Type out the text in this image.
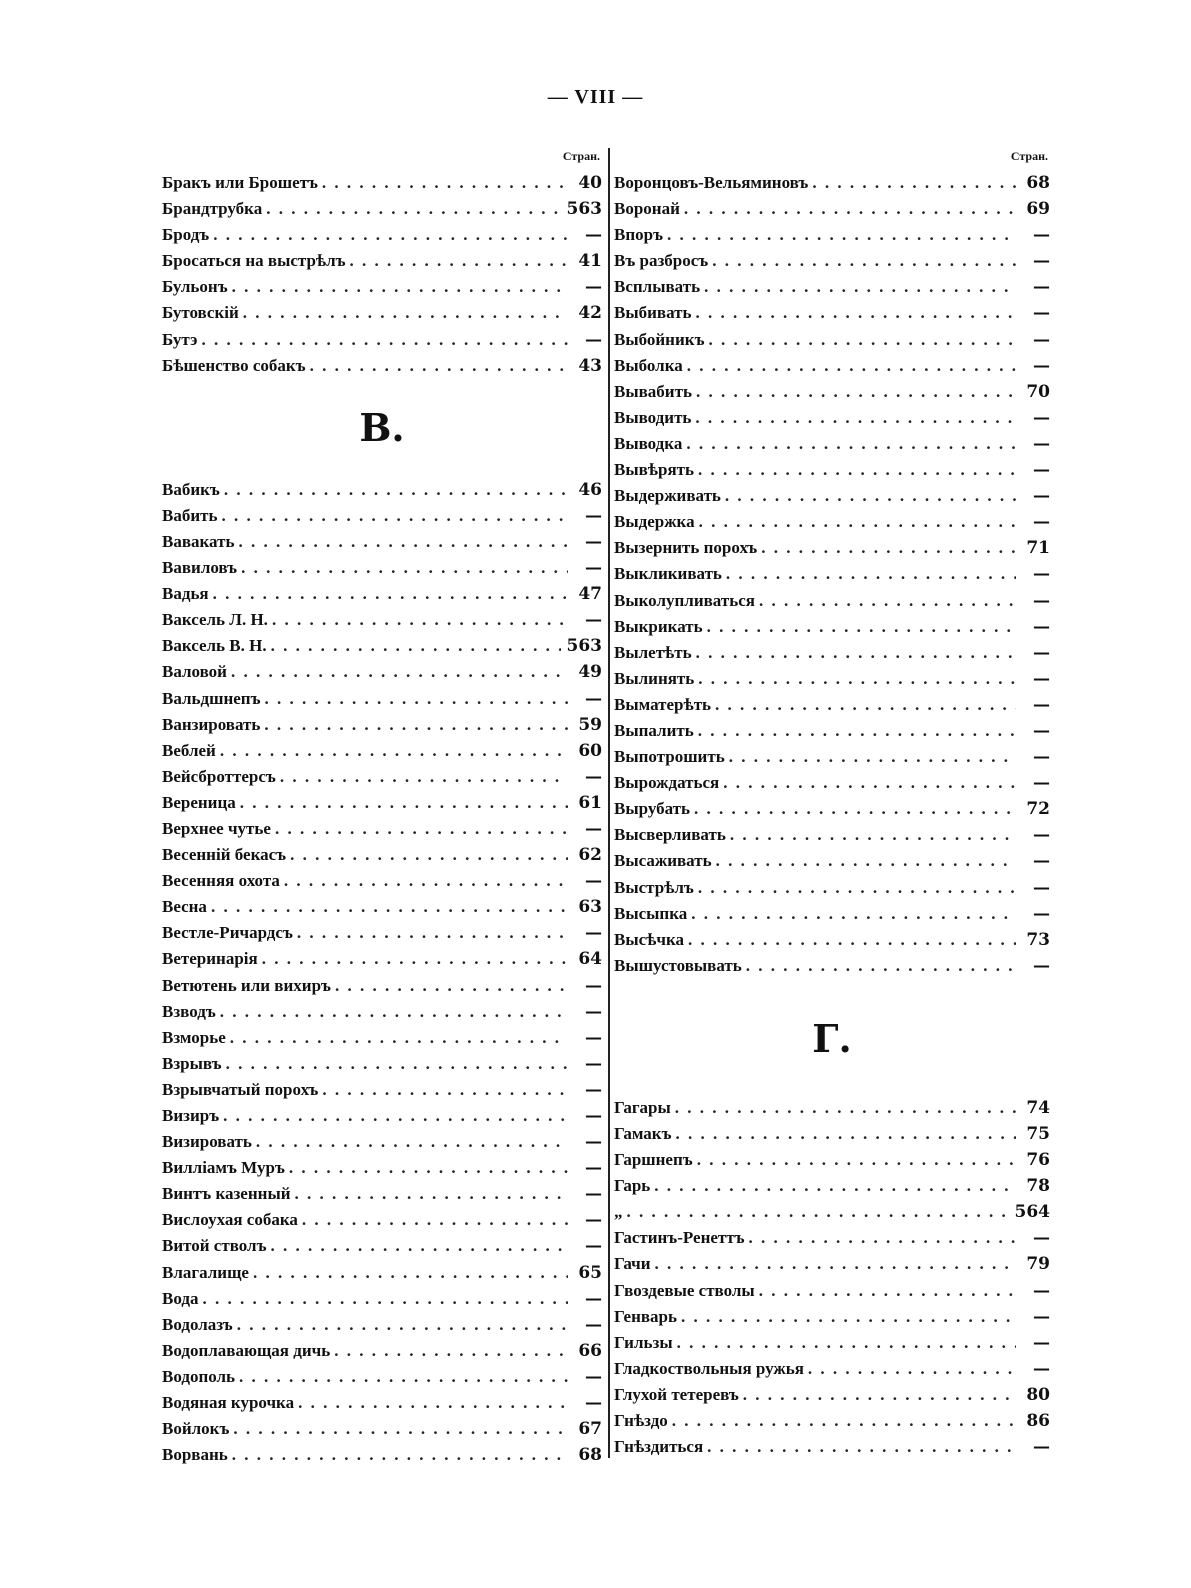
— VIII —
Стран.
Бракъ или Брошетъ . . .	40
Брандтрубка . . .	563
Бродъ . . .	—
Бросаться на выстрѣлъ . . .	41
Бульонъ . . .	—
Бутовскій . . .	42
Бутэ . . .	—
Бѣшенство собакъ . . .	43
В.
Вабикъ . . .	46
Вабить . . .	—
Вавакать . . .	—
Вавиловъ . . .	—
Вадья . . .	47
Ваксель Л. Н. . . .	—
Ваксель В. Н. . . .	563
Валовой . . .	49
Вальдшнепъ . . .	—
Ванзировать . . .	59
Веблей . . .	60
Вейсброттерсъ . . .	—
Вереница . . .	61
Верхнее чутье . . .	—
Весенній бекасъ . . .	62
Весенняя охота . . .	—
Весна . . .	63
Вестле-Ричардсъ . . .	—
Ветеринарія . . .	64
Ветютень или вихиръ . . .	—
Взводъ . . .	—
Взморье . . .	—
Взрывъ . . .	—
Взрывчатый порохъ . . .	—
Визиръ . . .	—
Визировать . . .	—
Вилліамъ Муръ . . .	—
Винтъ казенный . . .	—
Вислоухая собака . . .	—
Витой стволъ . . .	—
Влагалище . . .	65
Вода . . .	—
Водолазъ . . .	—
Водоплавающая дичь . . .	66
Водополь . . .	—
Водяная курочка . . .	—
Войлокъ . . .	67
Ворвань . . .	68
Стран.
Воронцовъ-Вельяминовъ . . .	68
Воронай . . .	69
Впоръ . . .	—
Въ разбросъ . . .	—
Всплывать . . .	—
Выбивать . . .	—
Выбойникъ . . .	—
Выболка . . .	—
Вывабить . . .	70
Выводить . . .	—
Выводка . . .	—
Вывѣрять . . .	—
Выдерживать . . .	—
Выдержка . . .	—
Вызернить порохъ . . .	71
Выкликивать . . .	—
Выколупливаться . . .	—
Выкрикать . . .	—
Вылетѣть . . .	—
Вылинять . . .	—
Выматерѣть . . .	—
Выпалить . . .	—
Выпотрошить . . .	—
Вырождаться . . .	—
Вырубать . . .	72
Высверливать . . .	—
Высаживать . . .	—
Выстрѣлъ . . .	—
Высыпка . . .	—
Высѣчка . . .	73
Вышустовывать . . .	—
Г.
Гагары . . .	74
Гамакъ . . .	75
Гаршнепъ . . .	76
Гарь . . .	78
„ . . .	564
Гастинъ-Ренеттъ . . .	—
Гачи . . .	79
Гвоздевые стволы . . .	—
Генварь . . .	—
Гильзы . . .	—
Гладкоствольныя ружья . . .	—
Глухой тетеревъ . . .	80
Гнѣздо . . .	86
Гнѣздиться . . .	—
